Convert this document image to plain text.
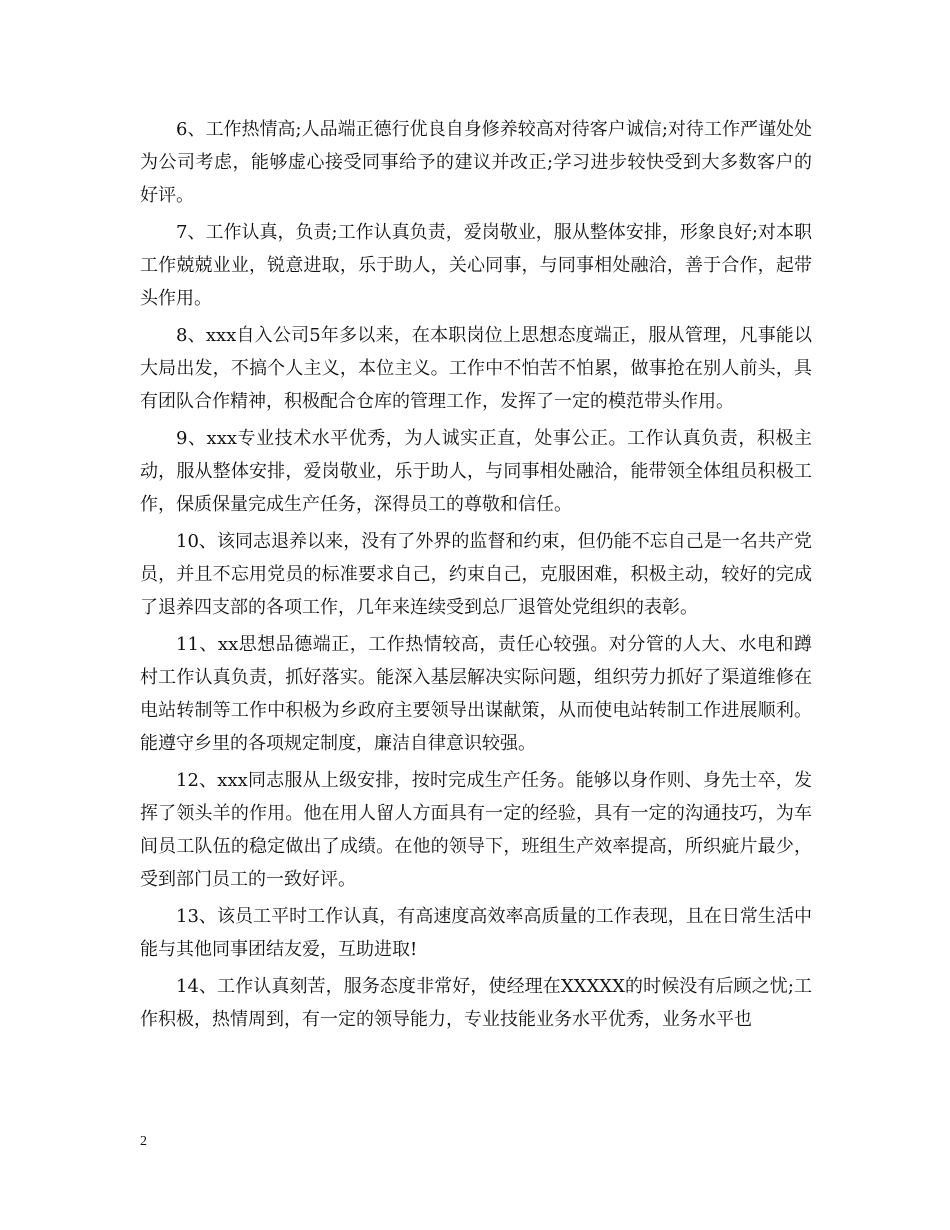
6、工作热情高;人品端正德行优良自身修养较高对待客户诚信;对待工作严谨处处为公司考虑，能够虚心接受同事给予的建议并改正;学习进步较快受到大多数客户的好评。

7、工作认真，负责;工作认真负责，爱岗敬业，服从整体安排，形象良好;对本职工作兢兢业业，锐意进取，乐于助人，关心同事，与同事相处融洽，善于合作，起带头作用。

8、xxx自入公司5年多以来，在本职岗位上思想态度端正，服从管理，凡事能以大局出发，不搞个人主义，本位主义。工作中不怕苦不怕累，做事抢在别人前头，具有团队合作精神，积极配合仓库的管理工作，发挥了一定的模范带头作用。

9、xxx专业技术水平优秀，为人诚实正直，处事公正。工作认真负责，积极主动，服从整体安排，爱岗敬业，乐于助人，与同事相处融洽，能带领全体组员积极工作，保质保量完成生产任务，深得员工的尊敬和信任。

10、该同志退养以来，没有了外界的监督和约束，但仍能不忘自己是一名共产党员，并且不忘用党员的标准要求自己，约束自己，克服困难，积极主动，较好的完成了退养四支部的各项工作，几年来连续受到总厂退管处党组织的表彰。

11、xx思想品德端正，工作热情较高，责任心较强。对分管的人大、水电和蹲村工作认真负责，抓好落实。能深入基层解决实际问题，组织劳力抓好了渠道维修在电站转制等工作中积极为乡政府主要领导出谋献策，从而使电站转制工作进展顺利。能遵守乡里的各项规定制度，廉洁自律意识较强。

12、xxx同志服从上级安排，按时完成生产任务。能够以身作则、身先士卒，发挥了领头羊的作用。他在用人留人方面具有一定的经验，具有一定的沟通技巧，为车间员工队伍的稳定做出了成绩。在他的领导下，班组生产效率提高，所织疵片最少，受到部门员工的一致好评。

13、该员工平时工作认真，有高速度高效率高质量的工作表现，且在日常生活中能与其他同事团结友爱，互助进取!

14、工作认真刻苦，服务态度非常好，使经理在XXXXX的时候没有后顾之忧;工作积极，热情周到，有一定的领导能力，专业技能业务水平优秀，业务水平也

2
